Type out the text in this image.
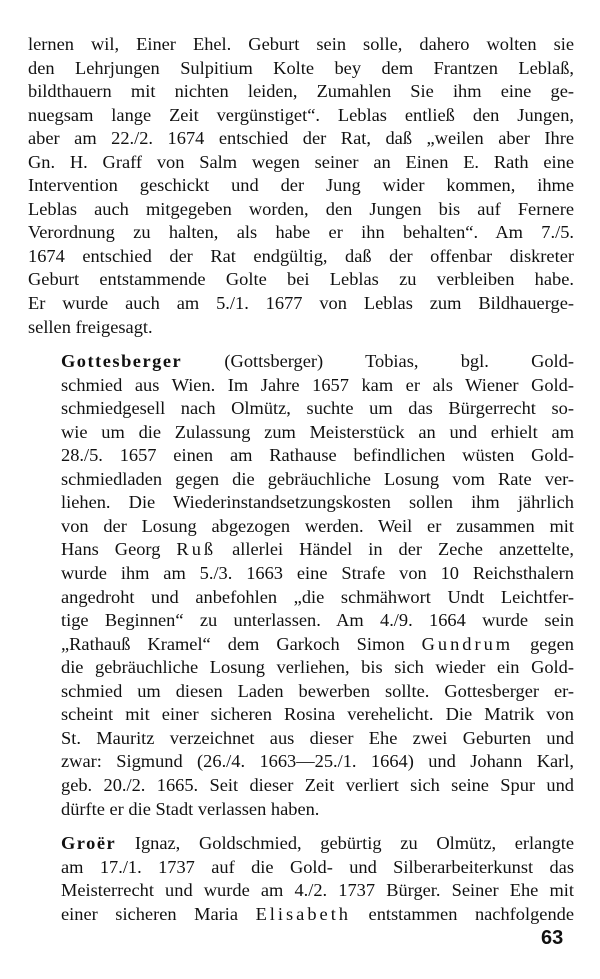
lernen wil, Einer Ehel. Geburt sein solle, dahero wolten sie
den Lehrjungen Sulpitium Kolte bey dem Frantzen Leblaß,
bildthauern mit nichten leiden, Zumahlen Sie ihm eine ge-
nuegsam lange Zeit vergünstiget“. Leblas entließ den Jungen,
aber am 22./2. 1674 entschied der Rat, daß „weilen aber Ihre
Gn. H. Graff von Salm wegen seiner an Einen E. Rath eine
Intervention geschickt und der Jung wider kommen, ihme
Leblas auch mitgegeben worden, den Jungen bis auf Fernere
Verordnung zu halten, als habe er ihn behalten“. Am 7./5.
1674 entschied der Rat endgültig, daß der offenbar diskreter
Geburt entstammende Golte bei Leblas zu verbleiben habe.
Er wurde auch am 5./1. 1677 von Leblas zum Bildhauerge-
sellen freigesagt.

Gottesberger (Gottsberger) Tobias, bgl. Gold-
schmied aus Wien. Im Jahre 1657 kam er als Wiener Gold-
schmiedgesell nach Olmütz, suchte um das Bürgerrecht so-
wie um die Zulassung zum Meisterstück an und erhielt am
28./5. 1657 einen am Rathause befindlichen wüsten Gold-
schmiedladen gegen die gebräuchliche Losung vom Rate ver-
liehen. Die Wiederinstandsetzungskosten sollen ihm jährlich
von der Losung abgezogen werden. Weil er zusammen mit
Hans Georg Ruß allerlei Händel in der Zeche anzettelte,
wurde ihm am 5./3. 1663 eine Strafe von 10 Reichsthalern
angedroht und anbefohlen „die schmähwort Undt Leichtfer-
tige Beginnen“ zu unterlassen. Am 4./9. 1664 wurde sein
„Rathauß Kramel“ dem Garkoch Simon Gundrum gegen
die gebräuchliche Losung verliehen, bis sich wieder ein Gold-
schmied um diesen Laden bewerben sollte. Gottesberger er-
scheint mit einer sicheren Rosina verehelicht. Die Matrik von
St. Mauritz verzeichnet aus dieser Ehe zwei Geburten und
zwar: Sigmund (26./4. 1663—25./1. 1664) und Johann Karl,
geb. 20./2. 1665. Seit dieser Zeit verliert sich seine Spur und
dürfte er die Stadt verlassen haben.

Groër Ignaz, Goldschmied, gebürtig zu Olmütz, erlangte
am 17./1. 1737 auf die Gold- und Silberarbeiterkunst das
Meisterrecht und wurde am 4./2. 1737 Bürger. Seiner Ehe mit
einer sicheren Maria Elisabeth entstammen nachfolgende

63
